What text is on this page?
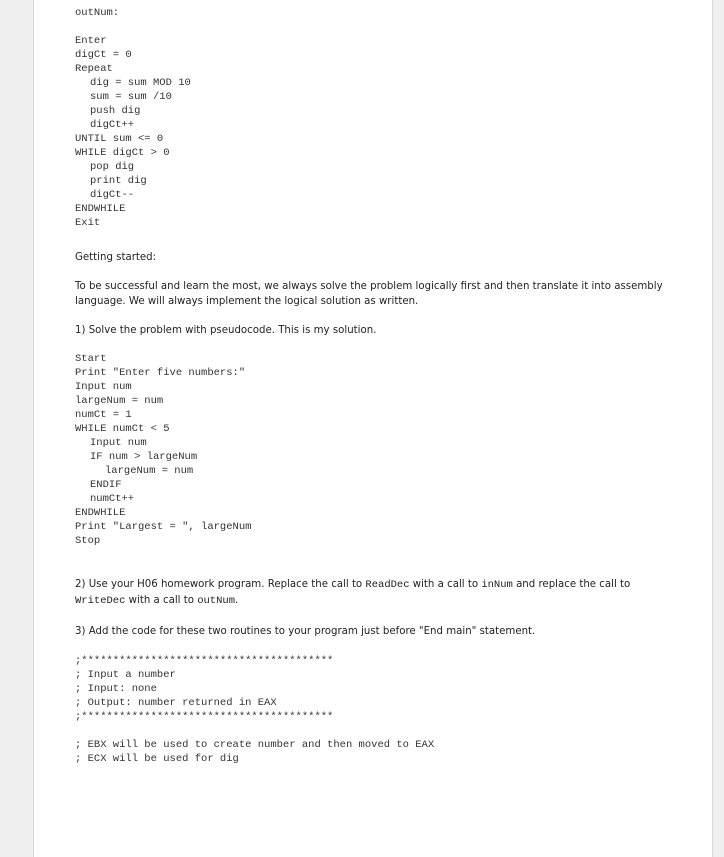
outNum:
Enter
digCt = 0
Repeat
dig = sum MOD 10
sum = sum /10
push dig
digCt++
UNTIL sum <= 0
WHILE digCt > 0
pop dig
print dig
digCt--
ENDWHILE
Exit

Getting started:

To be successful and learn the most, we always solve the problem logically first and then translate it into assembly language. We will always implement the logical solution as written.

1) Solve the problem with pseudocode. This is my solution.

Start
Print "Enter five numbers:"
Input num
largeNum = num
numCt = 1
WHILE numCt < 5
Input num
IF num > largeNum
largeNum = num
ENDIF
numCt++
ENDWHILE
Print "Largest = ", largeNum
Stop

2) Use your H06 homework program. Replace the call to ReadDec with a call to inNum and replace the call to WriteDec with a call to outNum.

3) Add the code for these two routines to your program just before "End main" statement.

;****************************************
; Input a number
; Input: none
; Output: number returned in EAX
;****************************************
; EBX will be used to create number and then moved to EAX
; ECX will be used for dig
